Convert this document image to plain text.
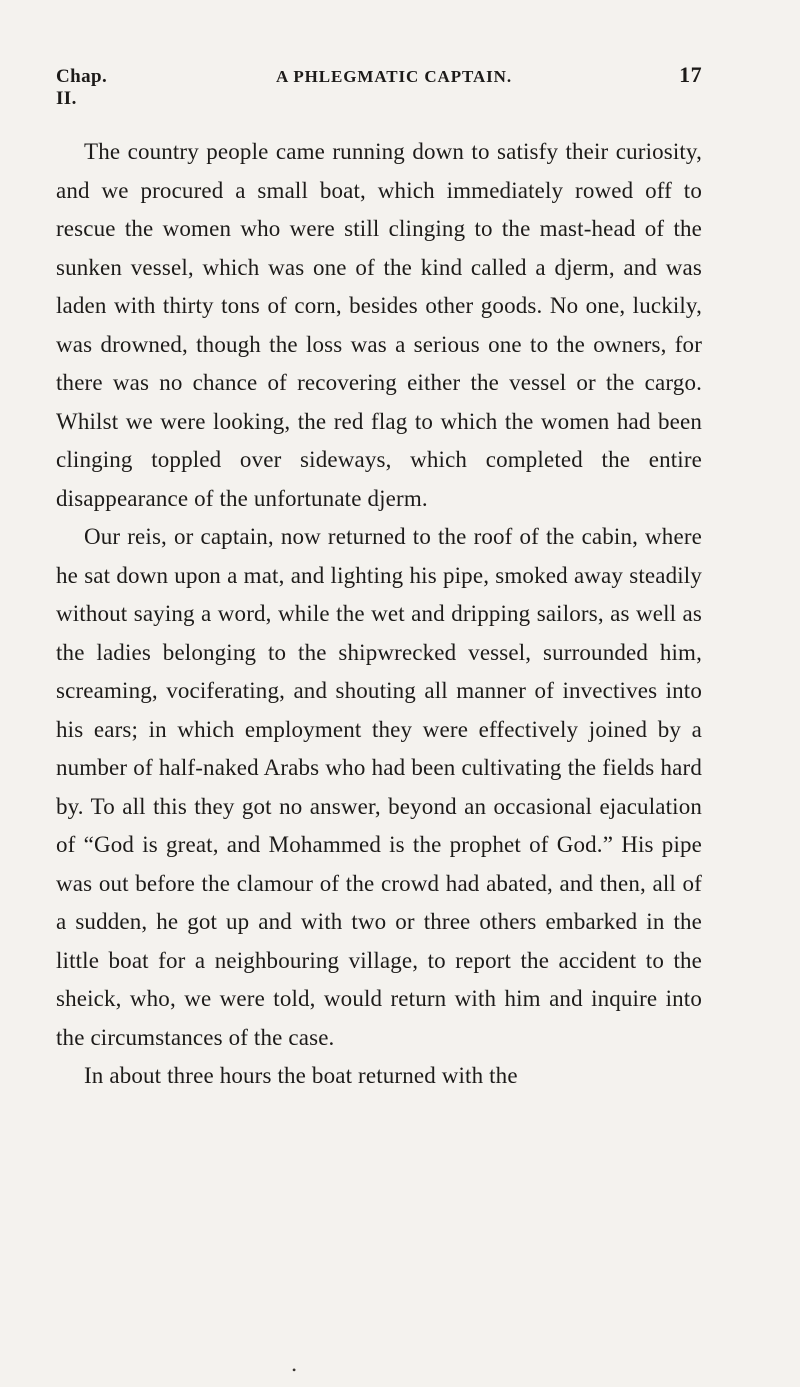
Chap. II.
A PHLEGMATIC CAPTAIN.	17

The country people came running down to satisfy their curiosity, and we procured a small boat, which immediately rowed off to rescue the women who were still clinging to the mast-head of the sunken vessel, which was one of the kind called a djerm, and was laden with thirty tons of corn, besides other goods. No one, luckily, was drowned, though the loss was a serious one to the owners, for there was no chance of recovering either the vessel or the cargo. Whilst we were looking, the red flag to which the women had been clinging toppled over sideways, which completed the entire disappearance of the unfortunate djerm.

Our reis, or captain, now returned to the roof of the cabin, where he sat down upon a mat, and lighting his pipe, smoked away steadily without saying a word, while the wet and dripping sailors, as well as the ladies belonging to the shipwrecked vessel, surrounded him, screaming, vociferating, and shouting all manner of invectives into his ears; in which employment they were effectively joined by a number of half-naked Arabs who had been cultivating the fields hard by. To all this they got no answer, beyond an occasional ejaculation of “God is great, and Mohammed is the prophet of God.” His pipe was out before the clamour of the crowd had abated, and then, all of a sudden, he got up and with two or three others embarked in the little boat for a neighbouring village, to report the accident to the sheick, who, we were told, would return with him and inquire into the circumstances of the case.

In about three hours the boat returned with the

•
